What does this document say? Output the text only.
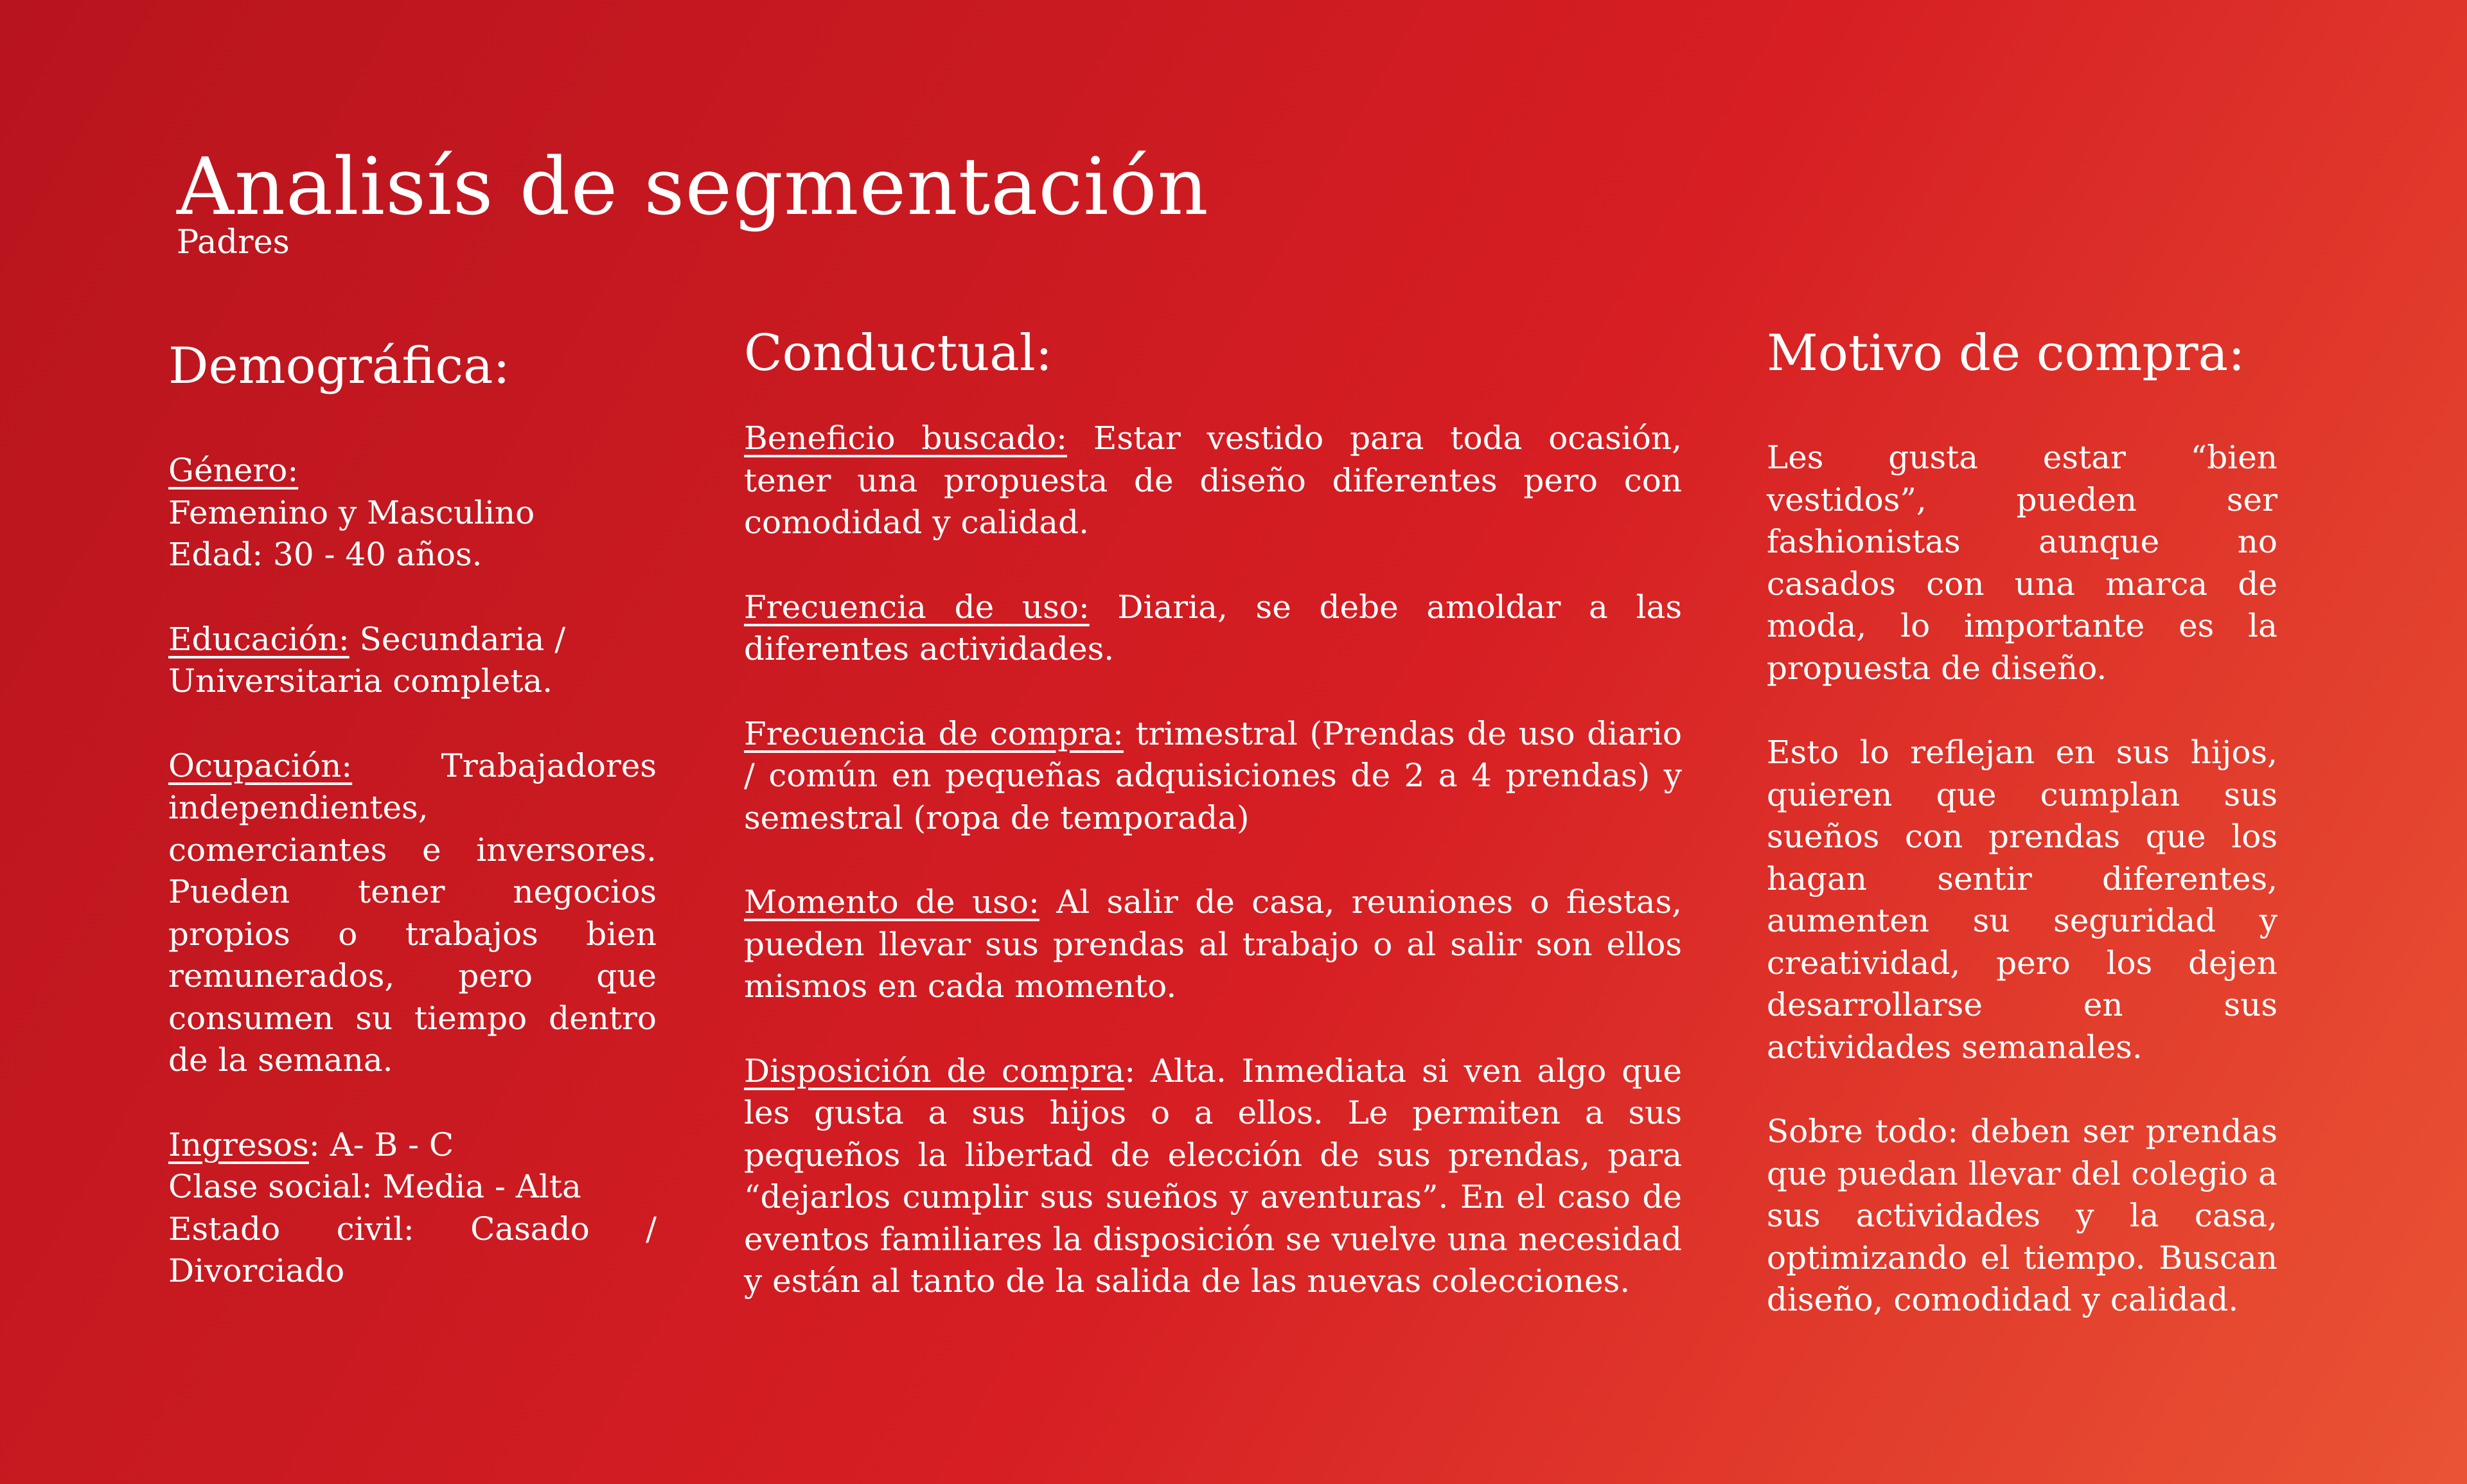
Analisís de segmentación

Padres

Demográfica:

Género:
Femenino y Masculino
Edad: 30 - 40 años.

Educación: Secundaria / Universitaria completa.

Ocupación: Trabajadores independientes, comerciantes e inversores. Pueden tener negocios propios o trabajos bien remunerados, pero que consumen su tiempo dentro de la semana.

Ingresos: A- B - C
Clase social: Media - Alta
Estado civil: Casado / Divorciado

Conductual:

Beneficio buscado: Estar vestido para toda ocasión, tener una propuesta de diseño diferentes pero con comodidad y calidad.

Frecuencia de uso: Diaria, se debe amoldar a las diferentes actividades.

Frecuencia de compra: trimestral (Prendas de uso diario / común en pequeñas adquisiciones de 2 a 4 prendas) y semestral (ropa de temporada)

Momento de uso: Al salir de casa, reuniones o fiestas, pueden llevar sus prendas al trabajo o al salir son ellos mismos en cada momento.

Disposición de compra: Alta. Inmediata si ven algo que les gusta a sus hijos o a ellos. Le permiten a sus pequeños la libertad de elección de sus prendas, para “dejarlos cumplir sus sueños y aventuras”. En el caso de eventos familiares la disposición se vuelve una necesidad y están al tanto de la salida de las nuevas colecciones.

Motivo de compra:

Les gusta estar “bien vestidos”, pueden ser fashionistas aunque no casados con una marca de moda, lo importante es la propuesta de diseño.

Esto lo reflejan en sus hijos, quieren que cumplan sus sueños con prendas que los hagan sentir diferentes, aumenten su seguridad y creatividad, pero los dejen desarrollarse en sus actividades semanales.

Sobre todo: deben ser prendas que puedan llevar del colegio a sus actividades y la casa, optimizando el tiempo. Buscan diseño, comodidad y calidad.
